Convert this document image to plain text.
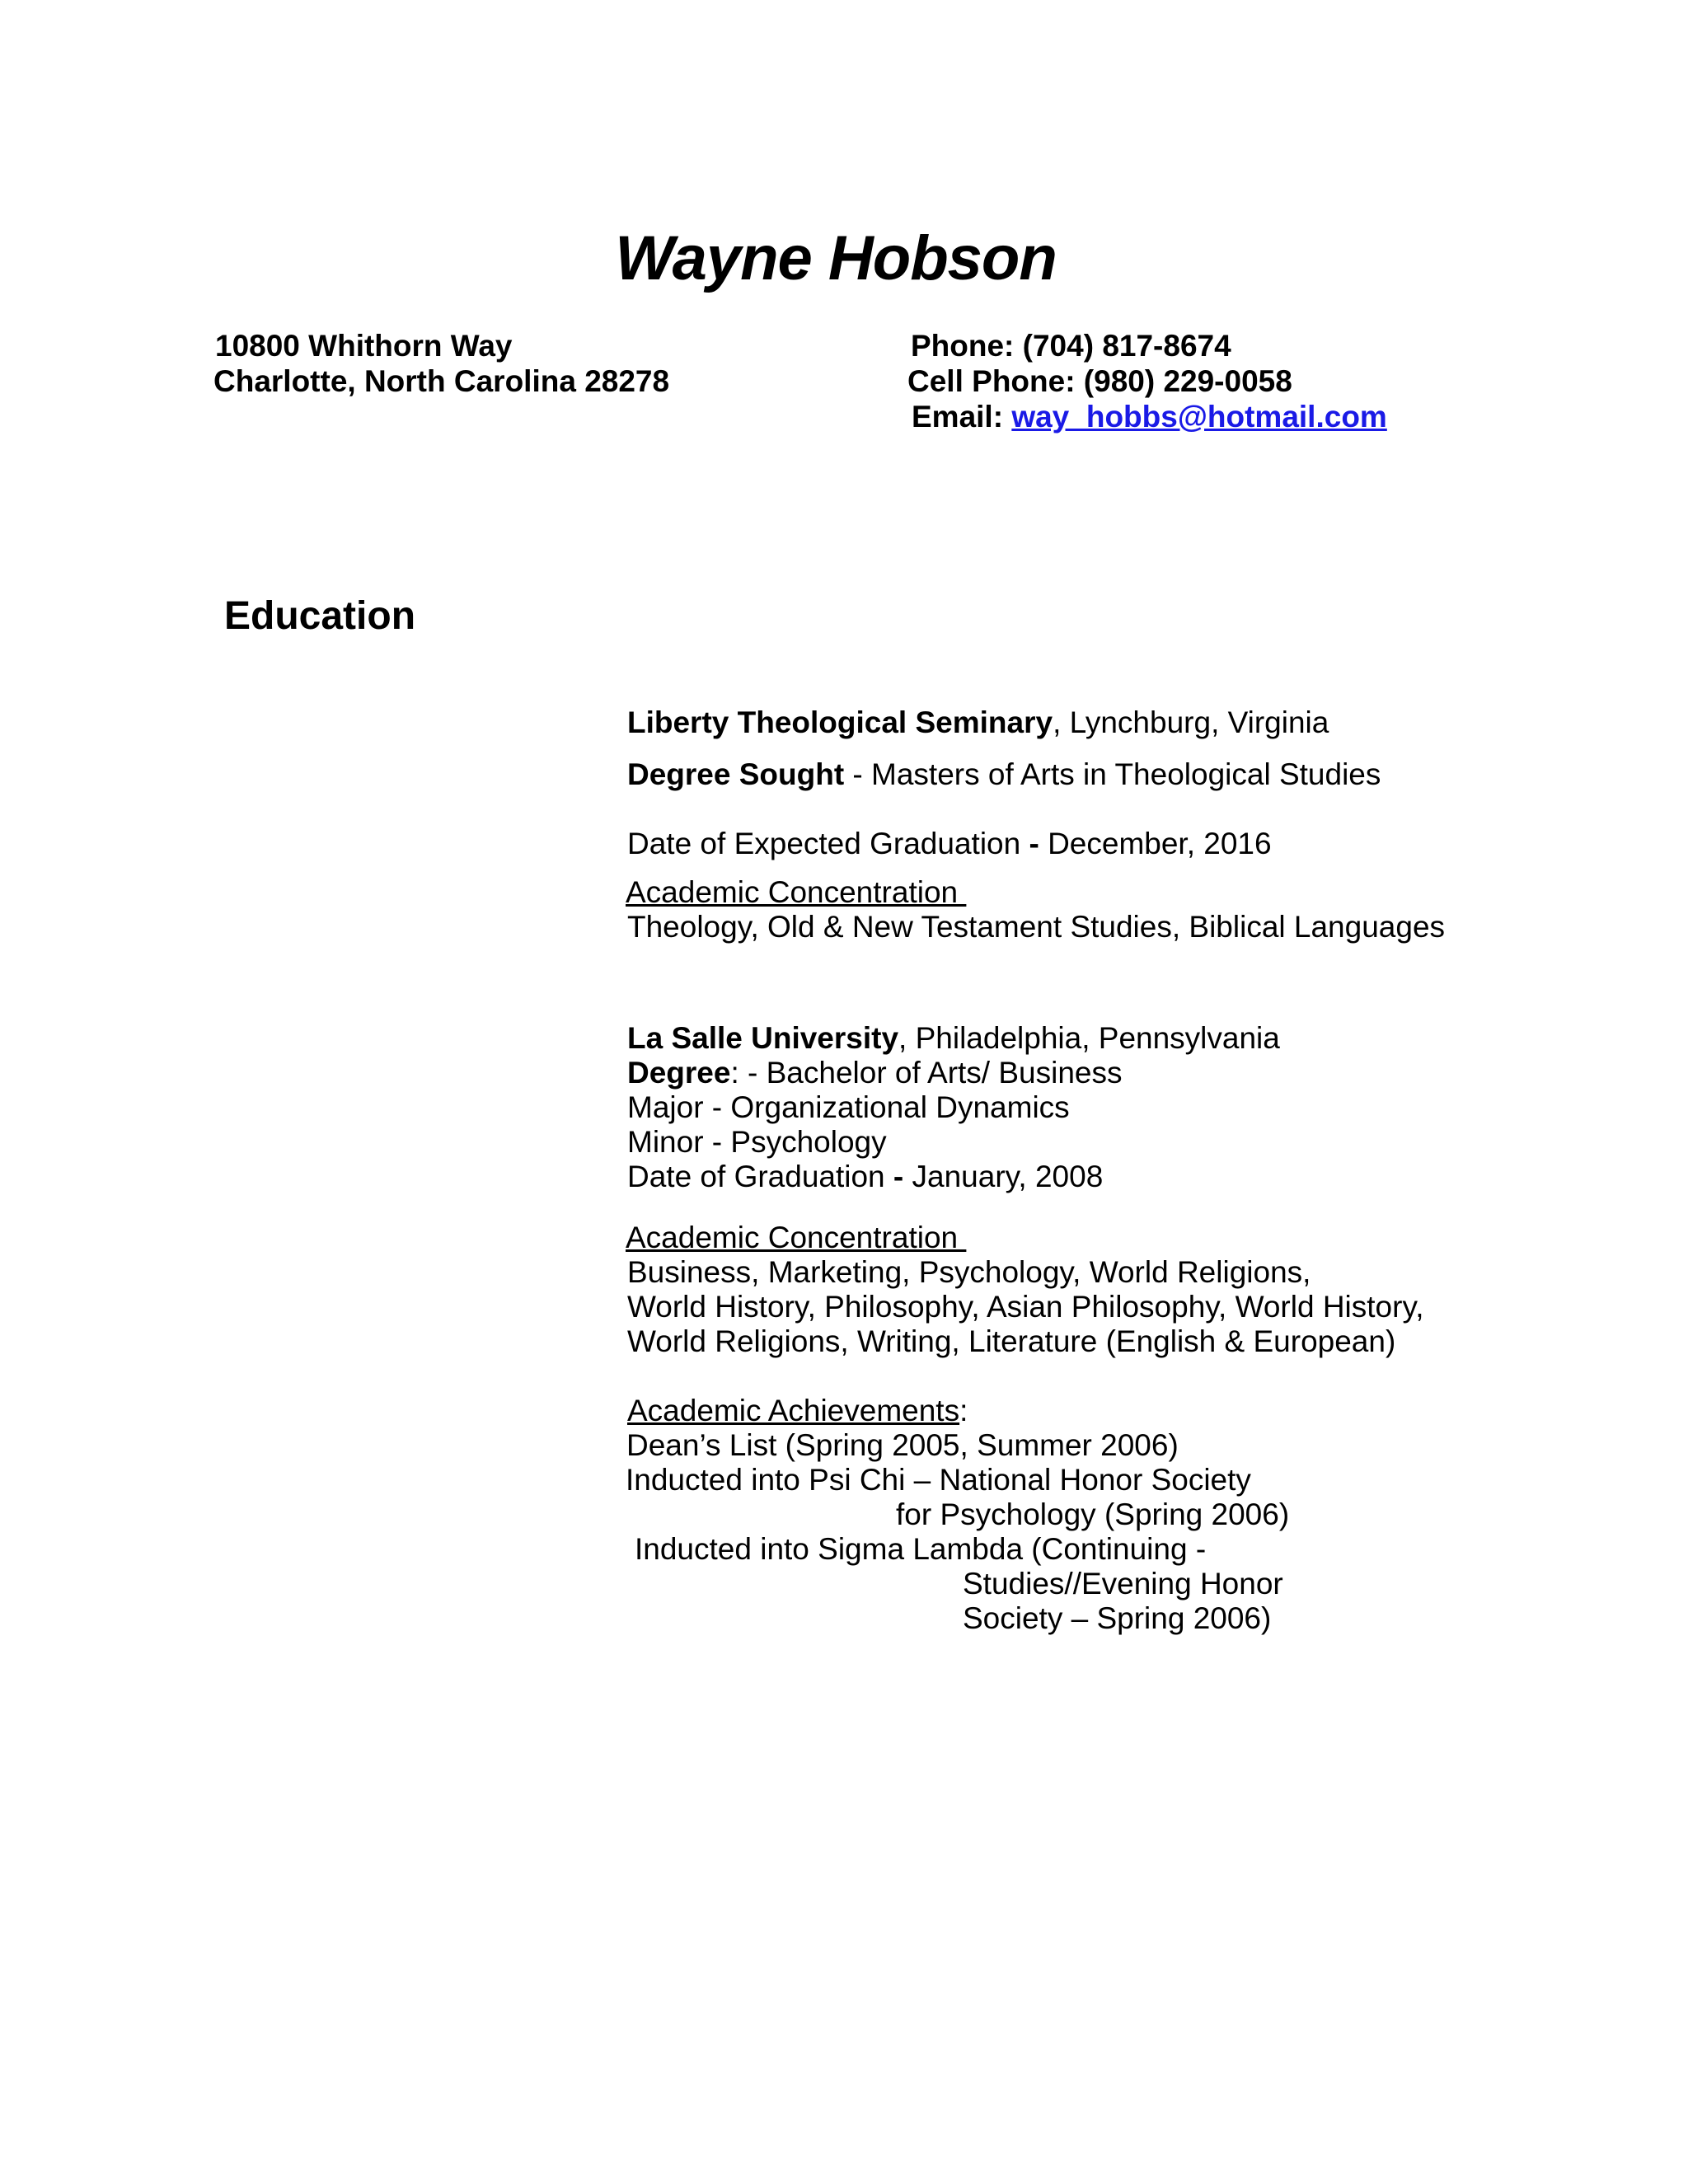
Wayne Hobson
10800 Whithorn Way
Charlotte, North Carolina 28278
Phone: (704) 817-8674
Cell Phone: (980) 229-0058
Email: way_hobbs@hotmail.com
Education
Liberty Theological Seminary, Lynchburg, Virginia
Degree Sought - Masters of Arts in Theological Studies
Date of Expected Graduation - December, 2016
Academic Concentration
Theology, Old & New Testament Studies, Biblical Languages
La Salle University, Philadelphia, Pennsylvania
Degree: - Bachelor of Arts/ Business
Major - Organizational Dynamics
Minor - Psychology
Date of Graduation - January, 2008
Academic Concentration
Business, Marketing, Psychology, World Religions,
World History, Philosophy, Asian Philosophy, World History,
World Religions, Writing, Literature (English & European)
Academic Achievements:
Dean’s List (Spring 2005, Summer 2006)
Inducted into Psi Chi – National Honor Society
for Psychology (Spring 2006)
Inducted into Sigma Lambda (Continuing -
Studies//Evening Honor
Society – Spring 2006)
